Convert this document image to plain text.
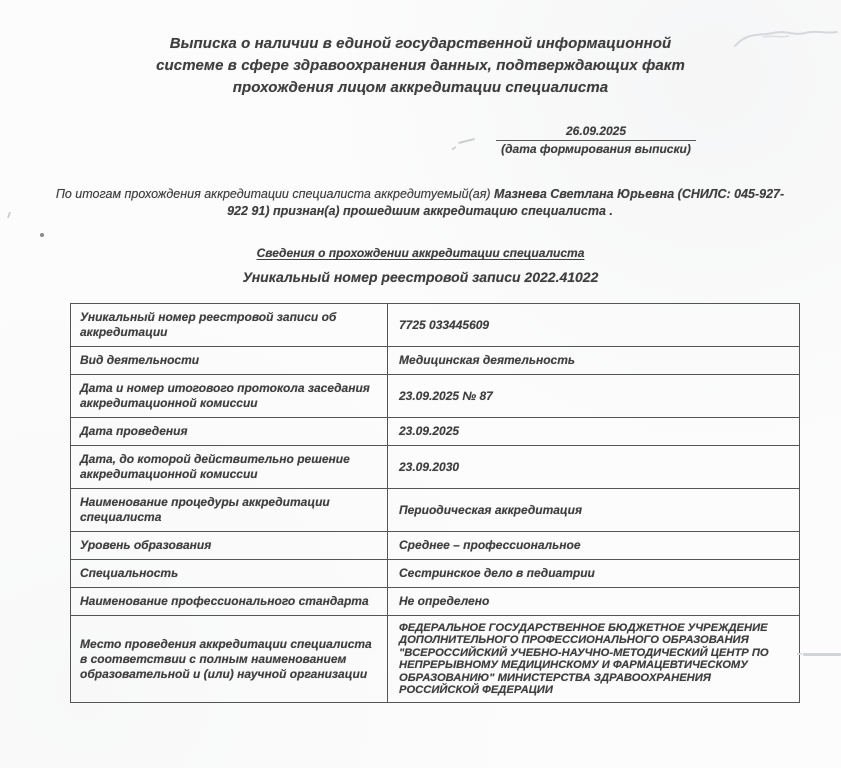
Выписка о наличии в единой государственной информационной
системе в сфере здравоохранения данных, подтверждающих факт
прохождения лицом аккредитации специалиста
26.09.2025
(дата формирования выписки)

По итогам прохождения аккредитации специалиста аккредитуемый(ая) Мазнева Светлана Юрьевна (СНИЛС: 045-927-922 91) признан(а) прошедшим аккредитацию специалиста .

Сведения о прохождении аккредитации специалиста
Уникальный номер реестровой записи 2022.41022
Уникальный номер реестровой записи об аккредитации	7725 033445609
Вид деятельности	Медицинская деятельность
Дата и номер итогового протокола заседания аккредитационной комиссии	23.09.2025 № 87
Дата проведения	23.09.2025
Дата, до которой действительно решение аккредитационной комиссии	23.09.2030
Наименование процедуры аккредитации специалиста	Периодическая аккредитация
Уровень образования	Среднее – профессиональное
Специальность	Сестринское дело в педиатрии
Наименование профессионального стандарта	Не определено
Место проведения аккредитации специалиста в соответствии с полным наименованием образовательной и (или) научной организации	ФЕДЕРАЛЬНОЕ ГОСУДАРСТВЕННОЕ БЮДЖЕТНОЕ УЧРЕЖДЕНИЕ ДОПОЛНИТЕЛЬНОГО ПРОФЕССИОНАЛЬНОГО ОБРАЗОВАНИЯ "ВСЕРОССИЙСКИЙ УЧЕБНО-НАУЧНО-МЕТОДИЧЕСКИЙ ЦЕНТР ПО НЕПРЕРЫВНОМУ МЕДИЦИНСКОМУ И ФАРМАЦЕВТИЧЕСКОМУ ОБРАЗОВАНИЮ" МИНИСТЕРСТВА ЗДРАВООХРАНЕНИЯ РОССИЙСКОЙ ФЕДЕРАЦИИ
